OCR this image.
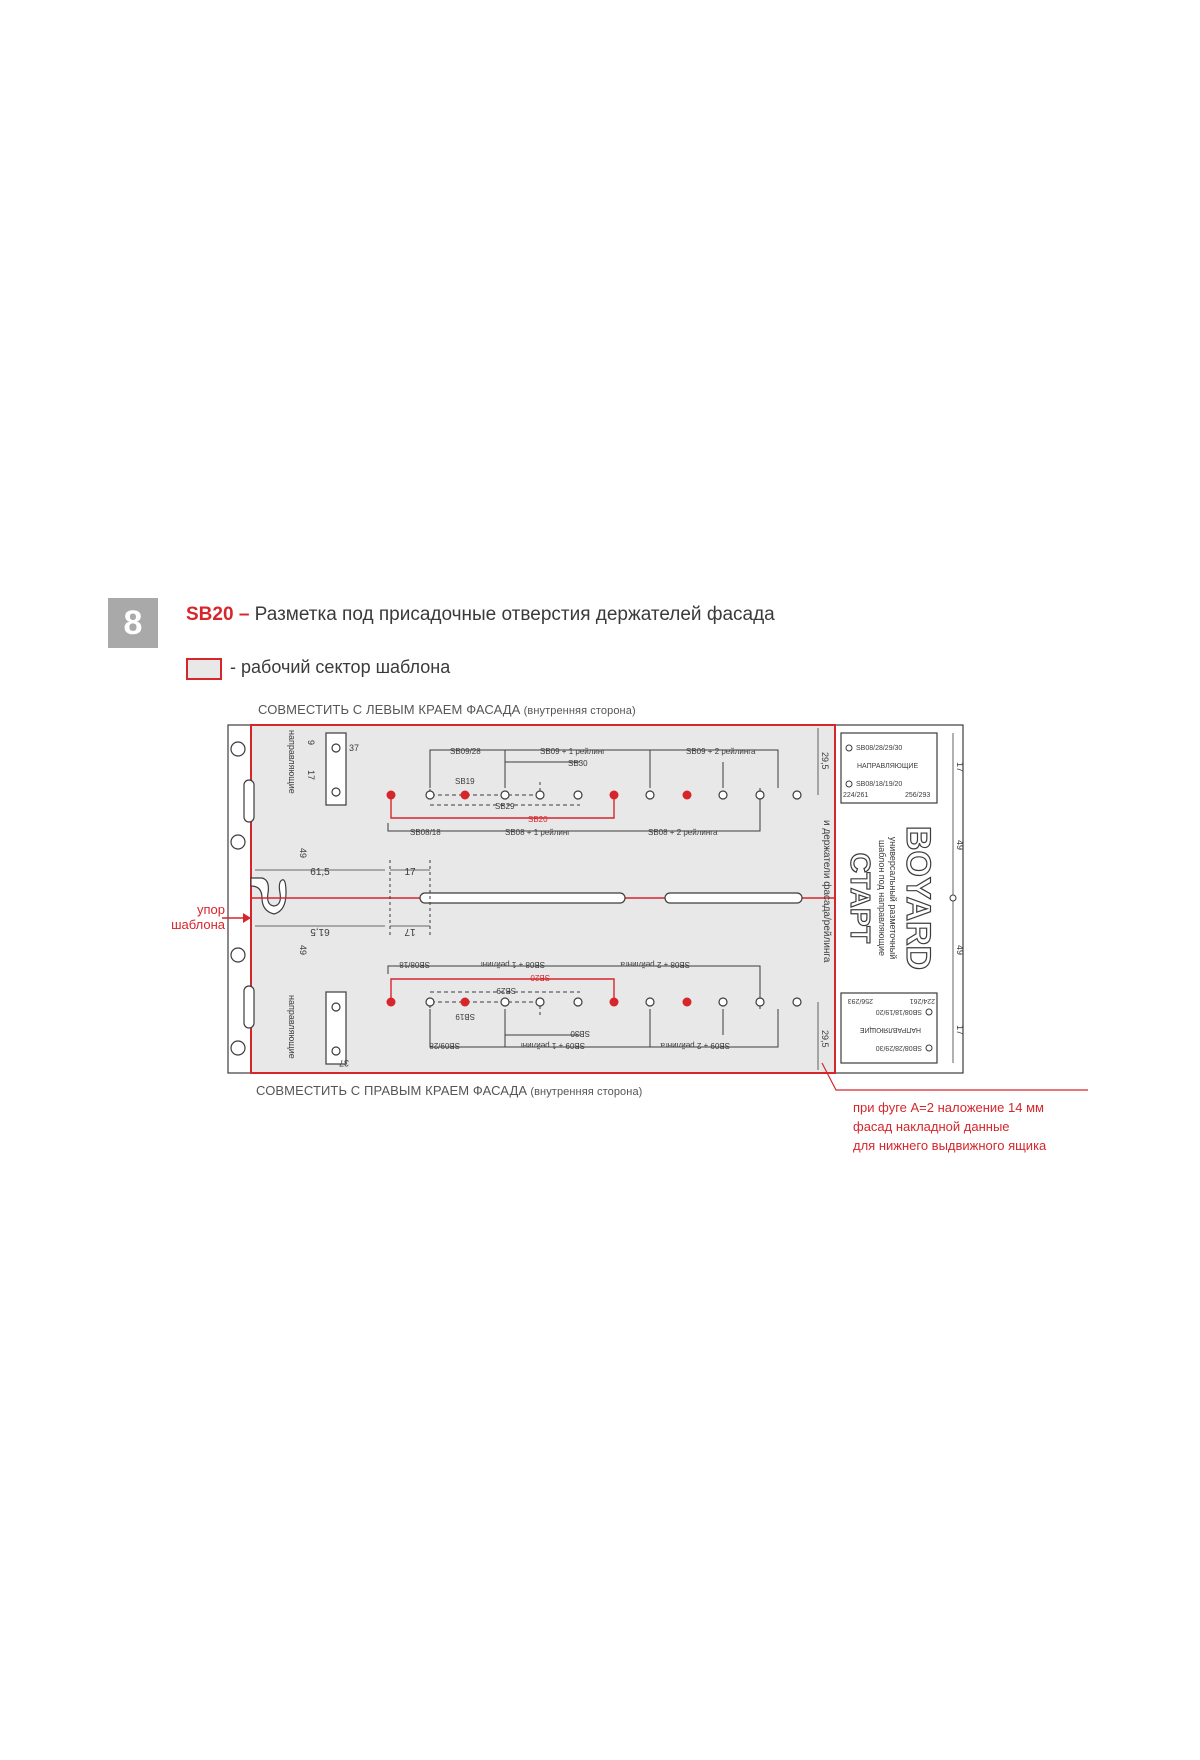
8 SB20 – Разметка под присадочные отверстия держателей фасада
- рабочий сектор шаблона
СОВМЕСТИТЬ С ЛЕВЫМ КРАЕМ ФАСАДА (внутренняя сторона)
СОВМЕСТИТЬ С ПРАВЫМ КРАЕМ ФАСАДА (внутренняя сторона)
упор
шаблона
при фуге А=2 наложение 14 мм
фасад накладной данные
для нижнего выдвижного ящика
61,5	17
61,5	17
37
17
9
49
49
направляющие
направляющие
37
SB09/28	SB09 + 1 рейлинг	SB09 + 2 рейлинга
SB30
SB19
SB29
SB20
SB08/18	SB08 + 1 рейлинг	SB08 + 2 рейлинга
SB08/18	SB08 + 1 рейлинг	SB08 + 2 рейлинга
SB20
SB29
SB19
SB30
SB09/28	SB09 + 1 рейлинг	SB09 + 2 рейлинга
29,5
29,5
и держатели фасада/рейлинга
SB08/28/29/30
НАПРАВЛЯЮЩИЕ
SB08/18/19/20
224/261	256/293
SB08/28/29/30
НАПРАВЛЯЮЩИЕ
SB08/18/19/20
224/261
256/293
49
49
17
17
BOYARD
универсальный разметочный
шаблон под направляющие
СТАРТ
